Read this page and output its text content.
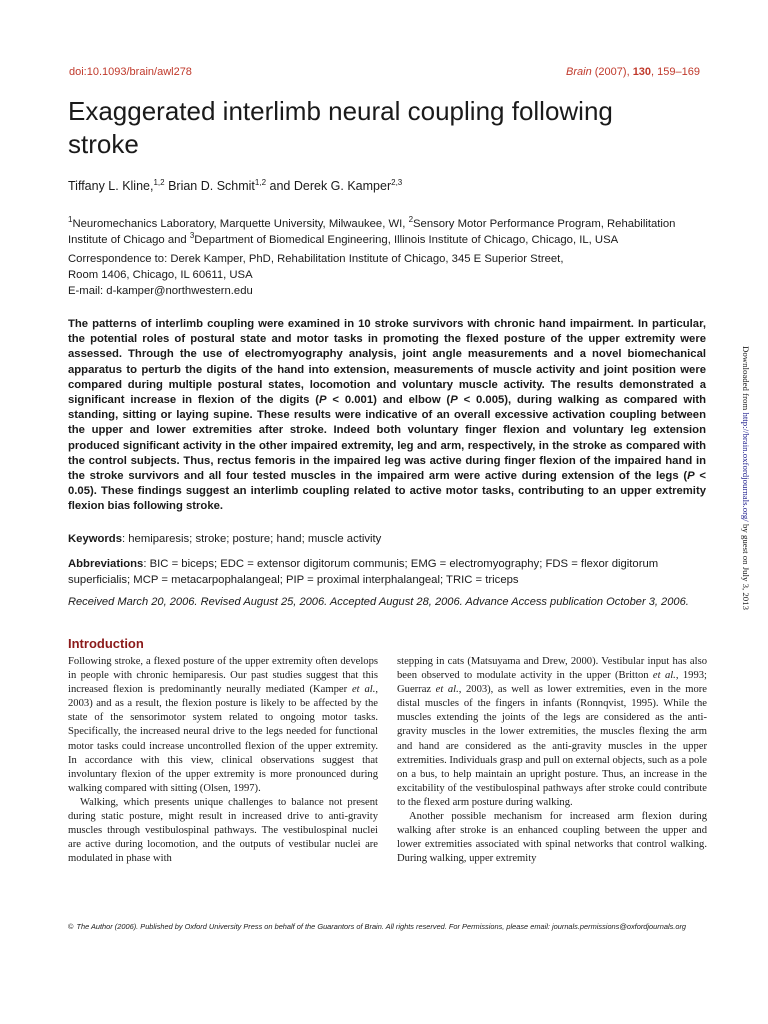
doi:10.1093/brain/awl278	Brain (2007), 130, 159–169
Exaggerated interlimb neural coupling following stroke
Tiffany L. Kline,$^{1,2}$ Brian D. Schmit$^{1,2}$ and Derek G. Kamper$^{2,3}$
$^1$Neuromechanics Laboratory, Marquette University, Milwaukee, WI, $^2$Sensory Motor Performance Program, Rehabilitation Institute of Chicago and $^3$Department of Biomedical Engineering, Illinois Institute of Chicago, Chicago, IL, USA
Correspondence to: Derek Kamper, PhD, Rehabilitation Institute of Chicago, 345 E Superior Street,
Room 1406, Chicago, IL 60611, USA
E-mail: d-kamper@northwestern.edu

The patterns of interlimb coupling were examined in 10 stroke survivors with chronic hand impairment. In particular, the potential roles of postural state and motor tasks in promoting the flexed posture of the upper extremity were assessed. Through the use of electromyography analysis, joint angle measurements and a novel biomechanical apparatus to perturb the digits of the hand into extension, measurements of muscle activity and joint position were compared during multiple postural states, locomotion and voluntary muscle activity. The results demonstrated a significant increase in flexion of the digits (P < 0.001) and elbow (P < 0.005), during walking as compared with standing, sitting or laying supine. These results were indicative of an overall excessive activation coupling between the upper and lower extremities after stroke. Indeed both voluntary finger flexion and voluntary leg extension produced significant activity in the other impaired extremity, leg and arm, respectively, in the stroke as compared with the control subjects. Thus, rectus femoris in the impaired leg was active during finger flexion of the impaired hand in the stroke survivors and all four tested muscles in the impaired arm were active during extension of the legs (P < 0.05). These findings suggest an interlimb coupling related to active motor tasks, contributing to an upper extremity flexion bias following stroke.

Keywords: hemiparesis; stroke; posture; hand; muscle activity
Abbreviations: BIC = biceps; EDC = extensor digitorum communis; EMG = electromyography; FDS = flexor digitorum superficialis; MCP = metacarpophalangeal; PIP = proximal interphalangeal; TRIC = triceps
Received March 20, 2006. Revised August 25, 2006. Accepted August 28, 2006. Advance Access publication October 3, 2006.
Introduction

Following stroke, a flexed posture of the upper extremity often develops in people with chronic hemiparesis. Our past studies suggest that this increased flexion is predominantly neurally mediated (Kamper et al., 2003) and as a result, the flexion posture is likely to be affected by the state of the sensorimotor system related to ongoing motor tasks. Specifically, the increased neural drive to the legs needed for functional motor tasks could increase uncontrolled flexion of the upper extremity. In accordance with this view, clinical observations suggest that involuntary flexion of the upper extremity is more pronounced during walking compared with sitting (Olsen, 1997).

Walking, which presents unique challenges to balance not present during static posture, might result in increased drive to anti-gravity muscles through vestibulospinal pathways. The vestibulospinal nuclei are active during locomotion, and the outputs of vestibular nuclei are modulated in phase with

stepping in cats (Matsuyama and Drew, 2000). Vestibular input has also been observed to modulate activity in the upper (Britton et al., 1993; Guerraz et al., 2003), as well as lower extremities, even in the more distal muscles of the fingers in infants (Ronnqvist, 1995). While the muscles extending the joints of the legs are considered as the anti-gravity muscles in the lower extremities, the muscles flexing the arm and hand are considered as the anti-gravity muscles in the upper extremities. Individuals grasp and pull on external objects, such as a pole on a bus, to help maintain an upright posture. Thus, an increase in the excitability of the vestibulospinal pathways after stroke could contribute to the flexed arm posture during walking.

Another possible mechanism for increased arm flexion during walking after stroke is an enhanced coupling between the upper and lower extremities associated with spinal networks that control walking. During walking, upper extremity

© The Author (2006). Published by Oxford University Press on behalf of the Guarantors of Brain. All rights reserved. For Permissions, please email: journals.permissions@oxfordjournals.org
Downloaded from http://brain.oxfordjournals.org/ by guest on July 3, 2013
